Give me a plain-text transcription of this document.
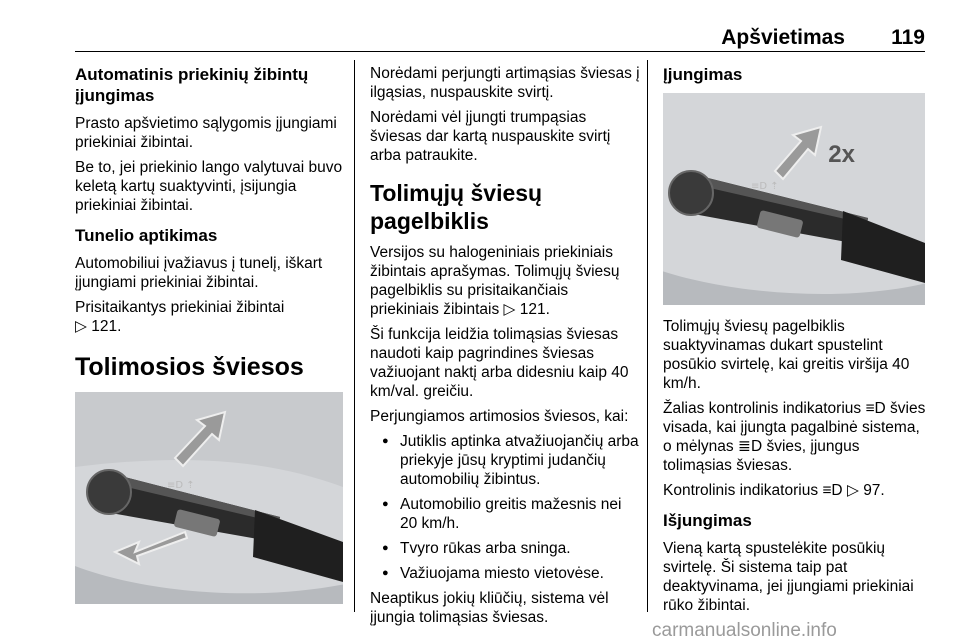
Apšvietimas 119
Automatinis priekinių žibintų įjungimas

Prasto apšvietimo sąlygomis įjungiami priekiniai žibintai.

Be to, jei priekinio lango valytuvai buvo keletą kartų suaktyvinti, įsijungia priekiniai žibintai.

Tunelio aptikimas

Automobiliui įvažiavus į tunelį, iškart įjungiami priekiniai žibintai.

Prisitaikantys priekiniai žibintai
▷ 121.

Tolimosios šviesos
≡D ⇡

Norėdami perjungti artimąsias šviesas į ilgąsias, nuspauskite svirtį.

Norėdami vėl įjungti trumpąsias šviesas dar kartą nuspauskite svirtį arba patraukite.

Tolimųjų šviesų pagelbiklis

Versijos su halogeniniais priekiniais žibintais aprašymas. Tolimųjų šviesų pagelbiklis su prisitaikančiais priekiniais žibintais ▷ 121.

Ši funkcija leidžia tolimąsias šviesas naudoti kaip pagrindines šviesas važiuojant naktį arba didesniu kaip 40 km/val. greičiu.

Perjungiamos artimosios šviesos, kai:

● Jutiklis aptinka atvažiuojančių arba priekyje jūsų kryptimi judančių automobilių žibintus.
● Automobilio greitis mažesnis nei 20 km/h.
● Tvyro rūkas arba sninga.
● Važiuojama miesto vietovėse.

Neaptikus jokių kliūčių, sistema vėl įjungia tolimąsias šviesas.

Įjungimas
≡D ⇡
2x

Tolimųjų šviesų pagelbiklis suaktyvinamas dukart spustelint posūkio svirtelę, kai greitis viršija 40 km/h.

Žalias kontrolinis indikatorius ≡D švies visada, kai įjungta pagalbinė sistema, o mėlynas ≣D švies, įjungus tolimąsias šviesas.

Kontrolinis indikatorius ≡D ▷ 97.

Išjungimas

Vieną kartą spustelėkite posūkių svirtelę. Ši sistema taip pat deaktyvinama, jei įjungiami priekiniai rūko žibintai.

carmanualsonline.info
